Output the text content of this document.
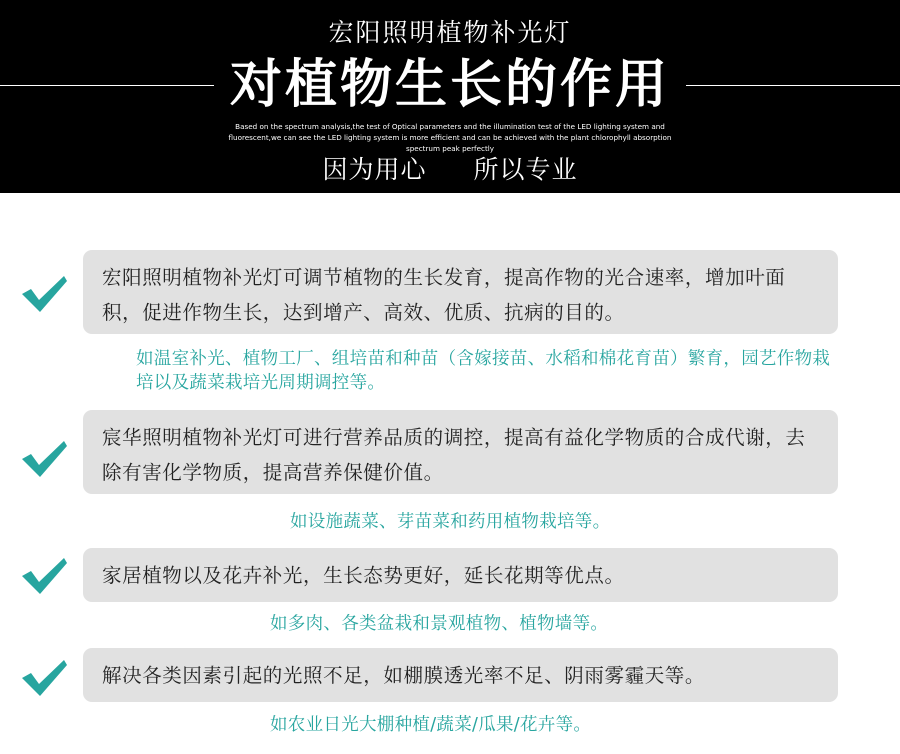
宏阳照明植物补光灯
对植物生长的作用
Based on the spectrum analysis,the test of Optical parameters and the illumination test of the LED lighting system and fluorescent,we can see the LED lighting system is more efficient and can be achieved with the plant chlorophyll absorption spectrum peak perfectly
因为用心 所以专业
宏阳照明植物补光灯可调节植物的生长发育，提高作物的光合速率，增加叶面积，促进作物生长，达到增产、高效、优质、抗病的目的。
如温室补光、植物工厂、组培苗和种苗（含嫁接苗、水稻和棉花育苗）繁育，园艺作物栽培以及蔬菜栽培光周期调控等。
宸华照明植物补光灯可进行营养品质的调控，提高有益化学物质的合成代谢，去除有害化学物质，提高营养保健价值。
如设施蔬菜、芽苗菜和药用植物栽培等。
家居植物以及花卉补光，生长态势更好，延长花期等优点。
如多肉、各类盆栽和景观植物、植物墙等。
解决各类因素引起的光照不足，如棚膜透光率不足、阴雨雾霾天等。
如农业日光大棚种植/蔬菜/瓜果/花卉等。
